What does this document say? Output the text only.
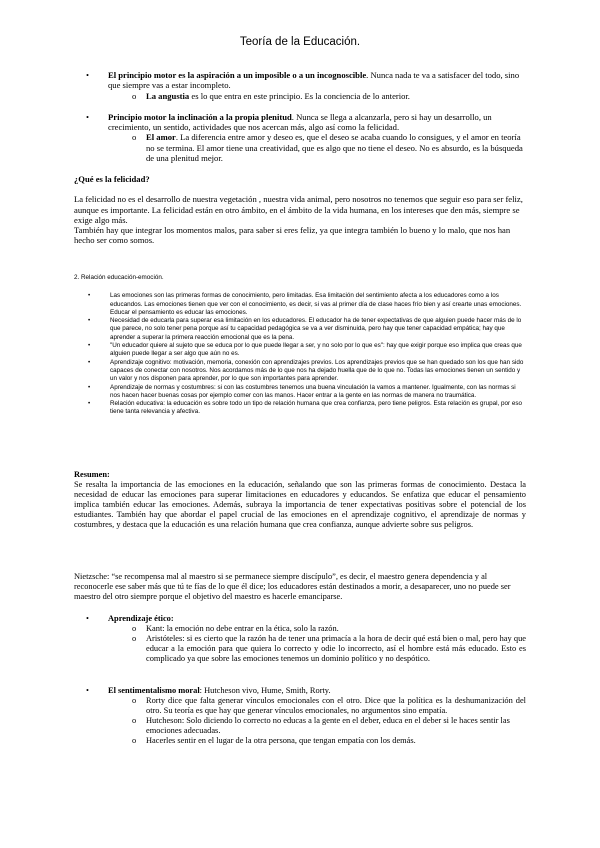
Teoría de la Educación.
• El principio motor es la aspiración a un imposible o a un incognoscible. Nunca nada te va a satisfacer del todo, sino que siempre vas a estar incompleto.
o La angustia es lo que entra en este principio. Es la conciencia de lo anterior.
• Principio motor la inclinación a la propia plenitud. Nunca se llega a alcanzarla, pero si hay un desarrollo, un crecimiento, un sentido, actividades que nos acercan más, algo así como la felicidad.
o El amor. La diferencia entre amor y deseo es, que el deseo se acaba cuando lo consigues, y el amor en teoría no se termina. El amor tiene una creatividad, que es algo que no tiene el deseo. No es absurdo, es la búsqueda de una plenitud mejor.

¿Qué es la felicidad?

La felicidad no es el desarrollo de nuestra vegetación , nuestra vida animal, pero nosotros no tenemos que seguir eso para ser feliz, aunque es importante. La felicidad están en otro ámbito, en el ámbito de la vida humana, en los intereses que den más, siempre se exige algo más.

También hay que integrar los momentos malos, para saber si eres feliz, ya que integra también lo bueno y lo malo, que nos han hecho ser como somos.

2. Relación educación-emoción.

•	Las emociones son las primeras formas de conocimiento, pero limitadas. Esa limitación del sentimiento afecta a los educadores como a los educandos. Las emociones tienen que ver con el conocimiento, es decir, si vas al primer día de clase haces frío bien y así crearte unas emociones. Educar el pensamiento es educar las emociones.
•	Necesidad de educarla para superar esa limitación en los educadores. El educador ha de tener expectativas de que alguien puede hacer más de lo que parece, no solo tener pena porque así tu capacidad pedagógica se va a ver disminuida, pero hay que tener capacidad empática; hay que aprender a superar la primera reacción emocional que es la pena.
•	"Un educador quiere al sujeto que se educa por lo que puede llegar a ser, y no solo por lo que es": hay que exigir porque eso implica que creas que alguien puede llegar a ser algo que aún no es.
•	Aprendizaje cognitivo: motivación, memoria, conexión con aprendizajes previos. Los aprendizajes previos que se han quedado son los que han sido capaces de conectar con nosotros. Nos acordamos más de lo que nos ha dejado huella que de lo que no. Todas las emociones tienen un sentido y un valor y nos disponen para aprender, por lo que son importantes para aprender.
•	Aprendizaje de normas y costumbres: si con las costumbres tenemos una buena vinculación la vamos a mantener. Igualmente, con las normas si nos hacen hacer buenas cosas por ejemplo comer con las manos. Hacer entrar a la gente en las normas de manera no traumática.
•	Relación educativa: la educación es sobre todo un tipo de relación humana que crea confianza, pero tiene peligros. Esta relación es grupal, por eso tiene tanta relevancia y afectiva.

Resumen:

Se resalta la importancia de las emociones en la educación, señalando que son las primeras formas de conocimiento. Destaca la necesidad de educar las emociones para superar limitaciones en educadores y educandos. Se enfatiza que educar el pensamiento implica también educar las emociones. Además, subraya la importancia de tener expectativas positivas sobre el potencial de los estudiantes. También hay que abordar el papel crucial de las emociones en el aprendizaje cognitivo, el aprendizaje de normas y costumbres, y destaca que la educación es una relación humana que crea confianza, aunque advierte sobre sus peligros.

Nietzsche: “se recompensa mal al maestro si se permanece siempre discípulo”, es decir, el maestro genera dependencia y al reconocerle ese saber más que tú te fías de lo que él dice; los educadores están destinados a morir, a desaparecer, uno no puede ser maestro del otro siempre porque el objetivo del maestro es hacerle emanciparse.

• Aprendizaje ético:
o Kant: la emoción no debe entrar en la ética, solo la razón.
o Aristóteles: si es cierto que la razón ha de tener una primacía a la hora de decir qué está bien o mal, pero hay que educar a la emoción para que quiera lo correcto y odie lo incorrecto, así el hombre está más educado. Esto es complicado ya que sobre las emociones tenemos un dominio político y no despótico.
• El sentimentalismo moral: Hutcheson vivo, Hume, Smith, Rorty.
o Rorty dice que falta generar vínculos emocionales con el otro. Dice que la política es la deshumanización del otro. Su teoría es que hay que generar vínculos emocionales, no argumentos sino empatía.
o Hutcheson: Solo diciendo lo correcto no educas a la gente en el deber, educa en el deber si le haces sentir las emociones adecuadas.
o Hacerles sentir en el lugar de la otra persona, que tengan empatía con los demás.
